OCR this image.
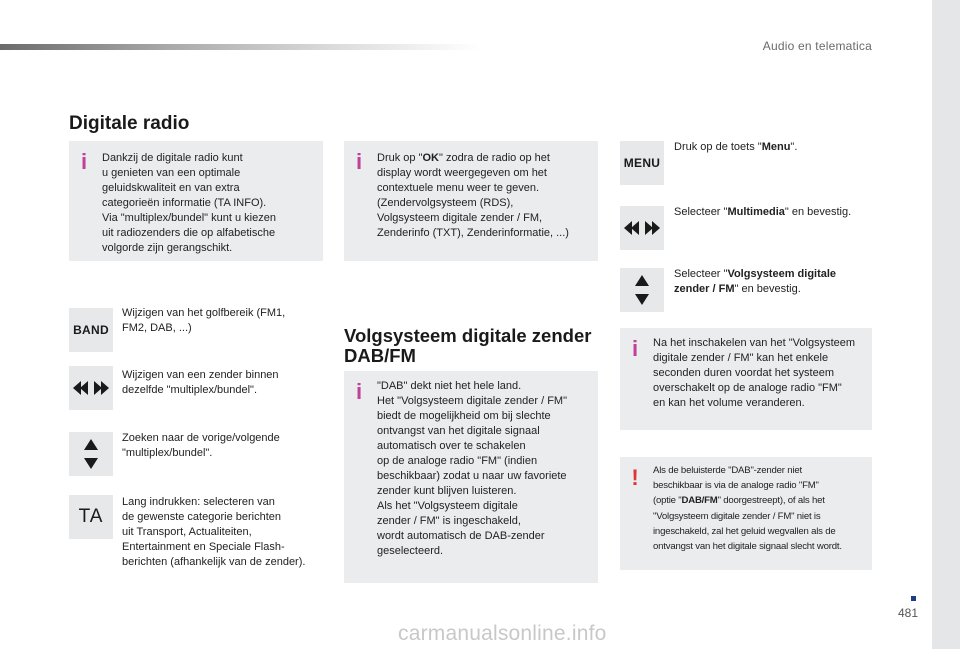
Audio en telematica
Digitale radio
i Dankzij de digitale radio kunt
u genieten van een optimale
geluidskwaliteit en van extra
categorieën informatie (TA INFO).
Via "multiplex/bundel" kunt u kiezen
uit radiozenders die op alfabetische
volgorde zijn gerangschikt.
BAND
Wijzigen van het golfbereik (FM1,
FM2, DAB, ...)
Wijzigen van een zender binnen
dezelfde "multiplex/bundel".
Zoeken naar de vorige/volgende
"multiplex/bundel".
TA
Lang indrukken: selecteren van
de gewenste categorie berichten
uit Transport, Actualiteiten,
Entertainment en Speciale Flash-
berichten (afhankelijk van de zender).
i Druk op "OK" zodra de radio op het
display wordt weergegeven om het
contextuele menu weer te geven.
(Zendervolgsysteem (RDS),
Volgsysteem digitale zender / FM,
Zenderinfo (TXT), Zenderinformatie, ...)
Volgsysteem digitale zender DAB/FM
i "DAB" dekt niet het hele land.
Het "Volgsysteem digitale zender / FM"
biedt de mogelijkheid om bij slechte
ontvangst van het digitale signaal
automatisch over te schakelen
op de analoge radio "FM" (indien
beschikbaar) zodat u naar uw favoriete
zender kunt blijven luisteren.
Als het "Volgsysteem digitale
zender / FM" is ingeschakeld,
wordt automatisch de DAB-zender
geselecteerd.
MENU
Druk op de toets "Menu".
Selecteer "Multimedia" en bevestig.
Selecteer "Volgsysteem digitale
zender / FM" en bevestig.
i Na het inschakelen van het "Volgsysteem
digitale zender / FM" kan het enkele
seconden duren voordat het systeem
overschakelt op de analoge radio "FM"
en kan het volume veranderen.
! Als de beluisterde "DAB"-zender niet
beschikbaar is via de analoge radio "FM"
(optie "DAB/FM" doorgestreept), of als het
"Volgsysteem digitale zender / FM" niet is
ingeschakeld, zal het geluid wegvallen als de
ontvangst van het digitale signaal slecht wordt.
481
carmanualsonline.info
